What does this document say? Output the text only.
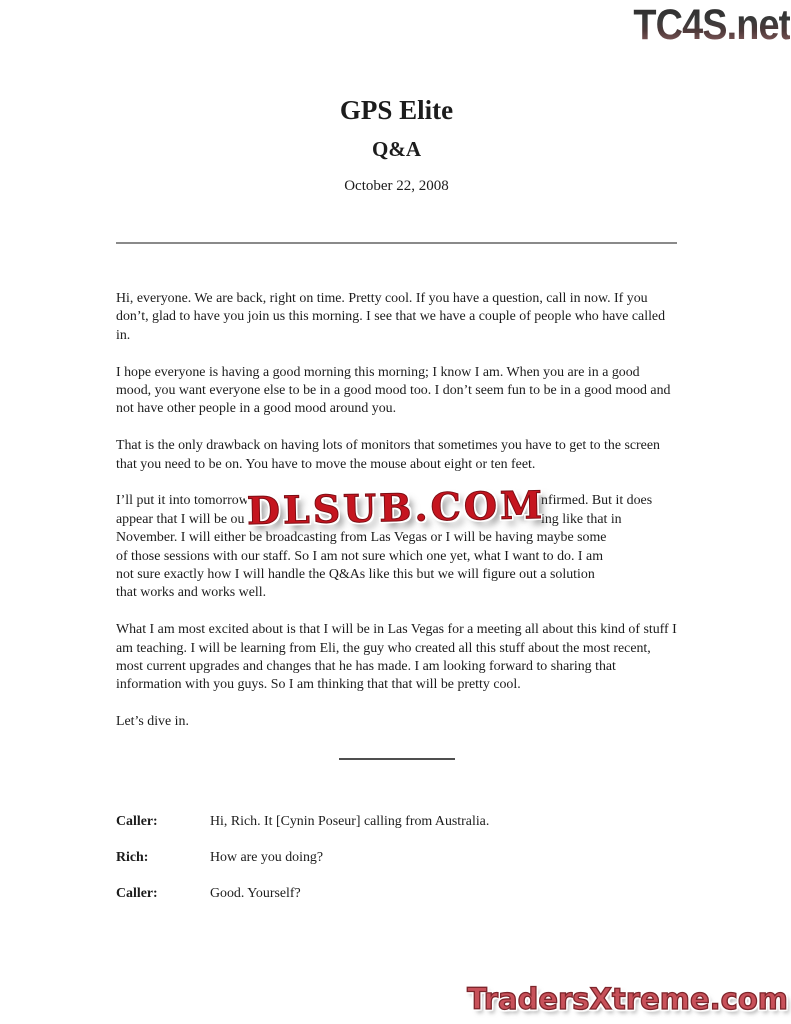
TC4S.net
GPS Elite
Q&A
October 22, 2008

Hi, everyone. We are back, right on time. Pretty cool. If you have a question, call in now. If you don’t, glad to have you join us this morning. I see that we have a couple of people who have called in.

I hope everyone is having a good morning this morning; I know I am. When you are in a good mood, you want everyone else to be in a good mood too. I don’t seem fun to be in a good mood and not have other people in a good mood around you.

That is the only drawback on having lots of monitors that sometimes you have to get to the screen that you need to be on. You have to move the mouse about eight or ten feet.

DLSUB.COM
I’ll put it into tomorrow	nfirmed. But it does
appear that I will be ou	ing like that in
November. I will either be broadcasting from Las Vegas or I will be having maybe some
of those sessions with our staff. So I am not sure which one yet, what I want to do. I am
not sure exactly how I will handle the Q&As like this but we will figure out a solution
that works and works well.

What I am most excited about is that I will be in Las Vegas for a meeting all about this kind of stuff I am teaching. I will be learning from Eli, the guy who created all this stuff about the most recent, most current upgrades and changes that he has made. I am looking forward to sharing that information with you guys. So I am thinking that that will be pretty cool.

Let’s dive in.

Caller:	Hi, Rich. It [Cynin Poseur] calling from Australia.
Rich:	How are you doing?
Caller:	Good. Yourself?
TradersXtreme.com
